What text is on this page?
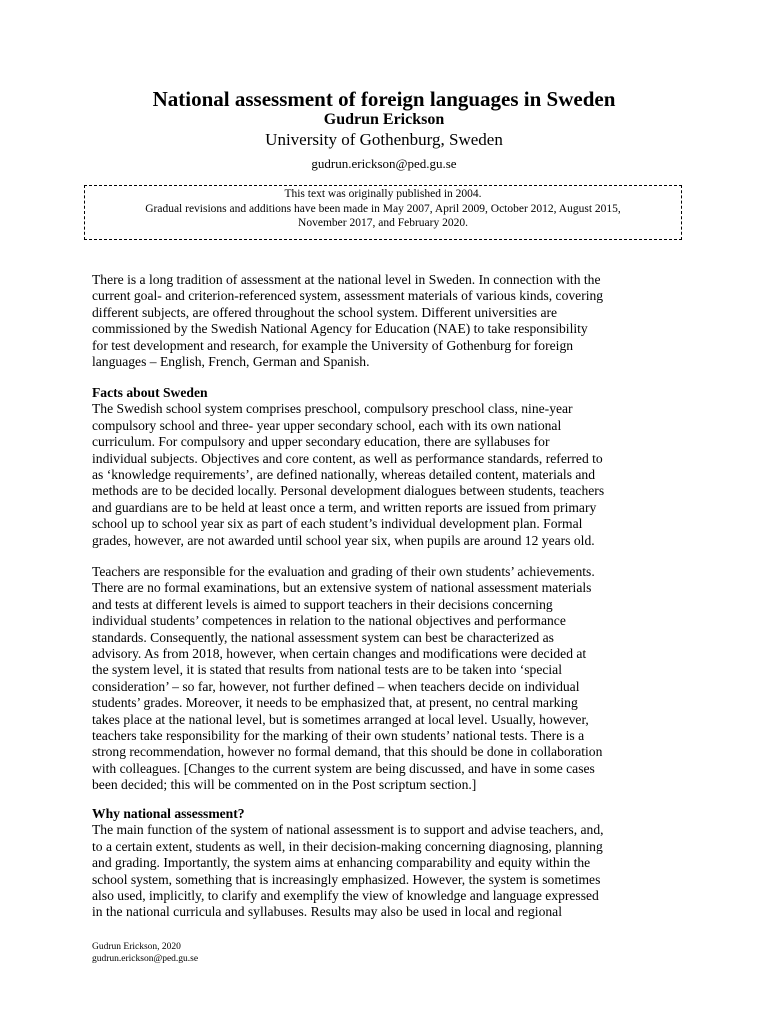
National assessment of foreign languages in Sweden
Gudrun Erickson
University of Gothenburg, Sweden
gudrun.erickson@ped.gu.se
This text was originally published in 2004.
Gradual revisions and additions have been made in May 2007, April 2009, October 2012, August 2015,
November 2017, and February 2020.
There is a long tradition of assessment at the national level in Sweden. In connection with the
current goal- and criterion-referenced system, assessment materials of various kinds, covering
different subjects, are offered throughout the school system. Different universities are
commissioned by the Swedish National Agency for Education (NAE) to take responsibility
for test development and research, for example the University of Gothenburg for foreign
languages – English, French, German and Spanish.
Facts about Sweden
The Swedish school system comprises preschool, compulsory preschool class, nine-year
compulsory school and three- year upper secondary school, each with its own national
curriculum. For compulsory and upper secondary education, there are syllabuses for
individual subjects. Objectives and core content, as well as performance standards, referred to
as ‘knowledge requirements’, are defined nationally, whereas detailed content, materials and
methods are to be decided locally. Personal development dialogues between students, teachers
and guardians are to be held at least once a term, and written reports are issued from primary
school up to school year six as part of each student’s individual development plan. Formal
grades, however, are not awarded until school year six, when pupils are around 12 years old.
Teachers are responsible for the evaluation and grading of their own students’ achievements.
There are no formal examinations, but an extensive system of national assessment materials
and tests at different levels is aimed to support teachers in their decisions concerning
individual students’ competences in relation to the national objectives and performance
standards. Consequently, the national assessment system can best be characterized as
advisory. As from 2018, however, when certain changes and modifications were decided at
the system level, it is stated that results from national tests are to be taken into ‘special
consideration’ – so far, however, not further defined – when teachers decide on individual
students’ grades. Moreover, it needs to be emphasized that, at present, no central marking
takes place at the national level, but is sometimes arranged at local level. Usually, however,
teachers take responsibility for the marking of their own students’ national tests. There is a
strong recommendation, however no formal demand, that this should be done in collaboration
with colleagues. [Changes to the current system are being discussed, and have in some cases
been decided; this will be commented on in the Post scriptum section.]
Why national assessment?
The main function of the system of national assessment is to support and advise teachers, and,
to a certain extent, students as well, in their decision-making concerning diagnosing, planning
and grading. Importantly, the system aims at enhancing comparability and equity within the
school system, something that is increasingly emphasized. However, the system is sometimes
also used, implicitly, to clarify and exemplify the view of knowledge and language expressed
in the national curricula and syllabuses. Results may also be used in local and regional
Gudrun Erickson, 2020
gudrun.erickson@ped.gu.se
